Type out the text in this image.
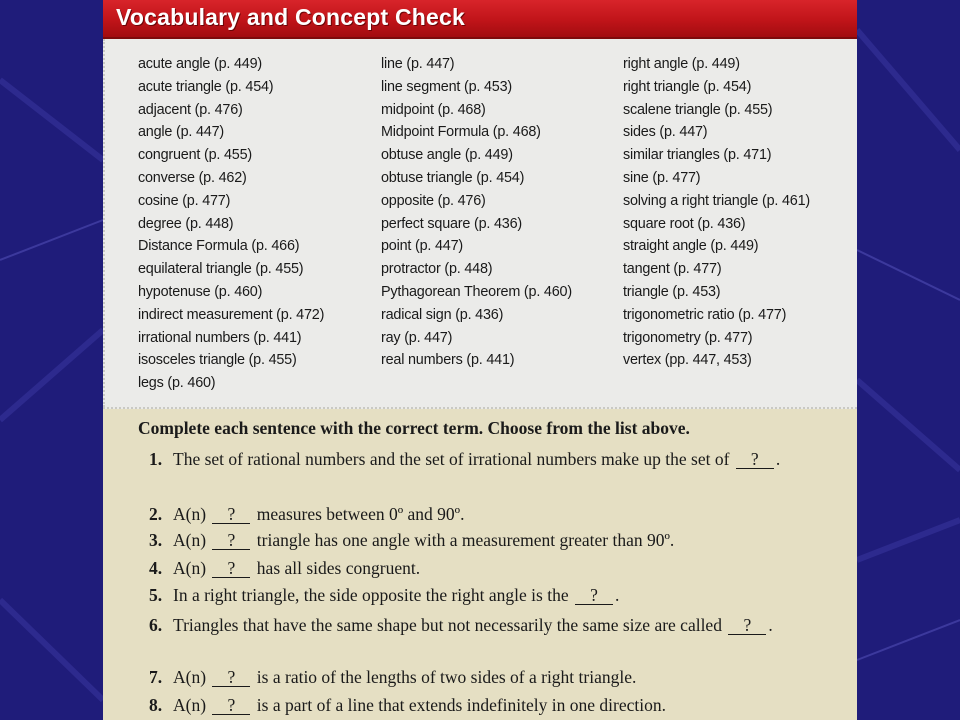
Vocabulary and Concept Check
acute angle (p. 449)
acute triangle (p. 454)
adjacent (p. 476)
angle (p. 447)
congruent (p. 455)
converse (p. 462)
cosine (p. 477)
degree (p. 448)
Distance Formula (p. 466)
equilateral triangle (p. 455)
hypotenuse (p. 460)
indirect measurement (p. 472)
irrational numbers (p. 441)
isosceles triangle (p. 455)
legs (p. 460)
line (p. 447)
line segment (p. 453)
midpoint (p. 468)
Midpoint Formula (p. 468)
obtuse angle (p. 449)
obtuse triangle (p. 454)
opposite (p. 476)
perfect square (p. 436)
point (p. 447)
protractor (p. 448)
Pythagorean Theorem (p. 460)
radical sign (p. 436)
ray (p. 447)
real numbers (p. 441)
right angle (p. 449)
right triangle (p. 454)
scalene triangle (p. 455)
sides (p. 447)
similar triangles (p. 471)
sine (p. 477)
solving a right triangle (p. 461)
square root (p. 436)
straight angle (p. 449)
tangent (p. 477)
triangle (p. 453)
trigonometric ratio (p. 477)
trigonometry (p. 477)
vertex (pp. 447, 453)
Complete each sentence with the correct term. Choose from the list above.
1. The set of rational numbers and the set of irrational numbers make up the set of ? .
2. A(n) ? measures between 0º and 90º.
3. A(n) ? triangle has one angle with a measurement greater than 90º.
4. A(n) ? has all sides congruent.
5. In a right triangle, the side opposite the right angle is the ? .
6. Triangles that have the same shape but not necessarily the same size are called ? .
7. A(n) ? is a ratio of the lengths of two sides of a right triangle.
8. A(n) ? is a part of a line that extends indefinitely in one direction.
